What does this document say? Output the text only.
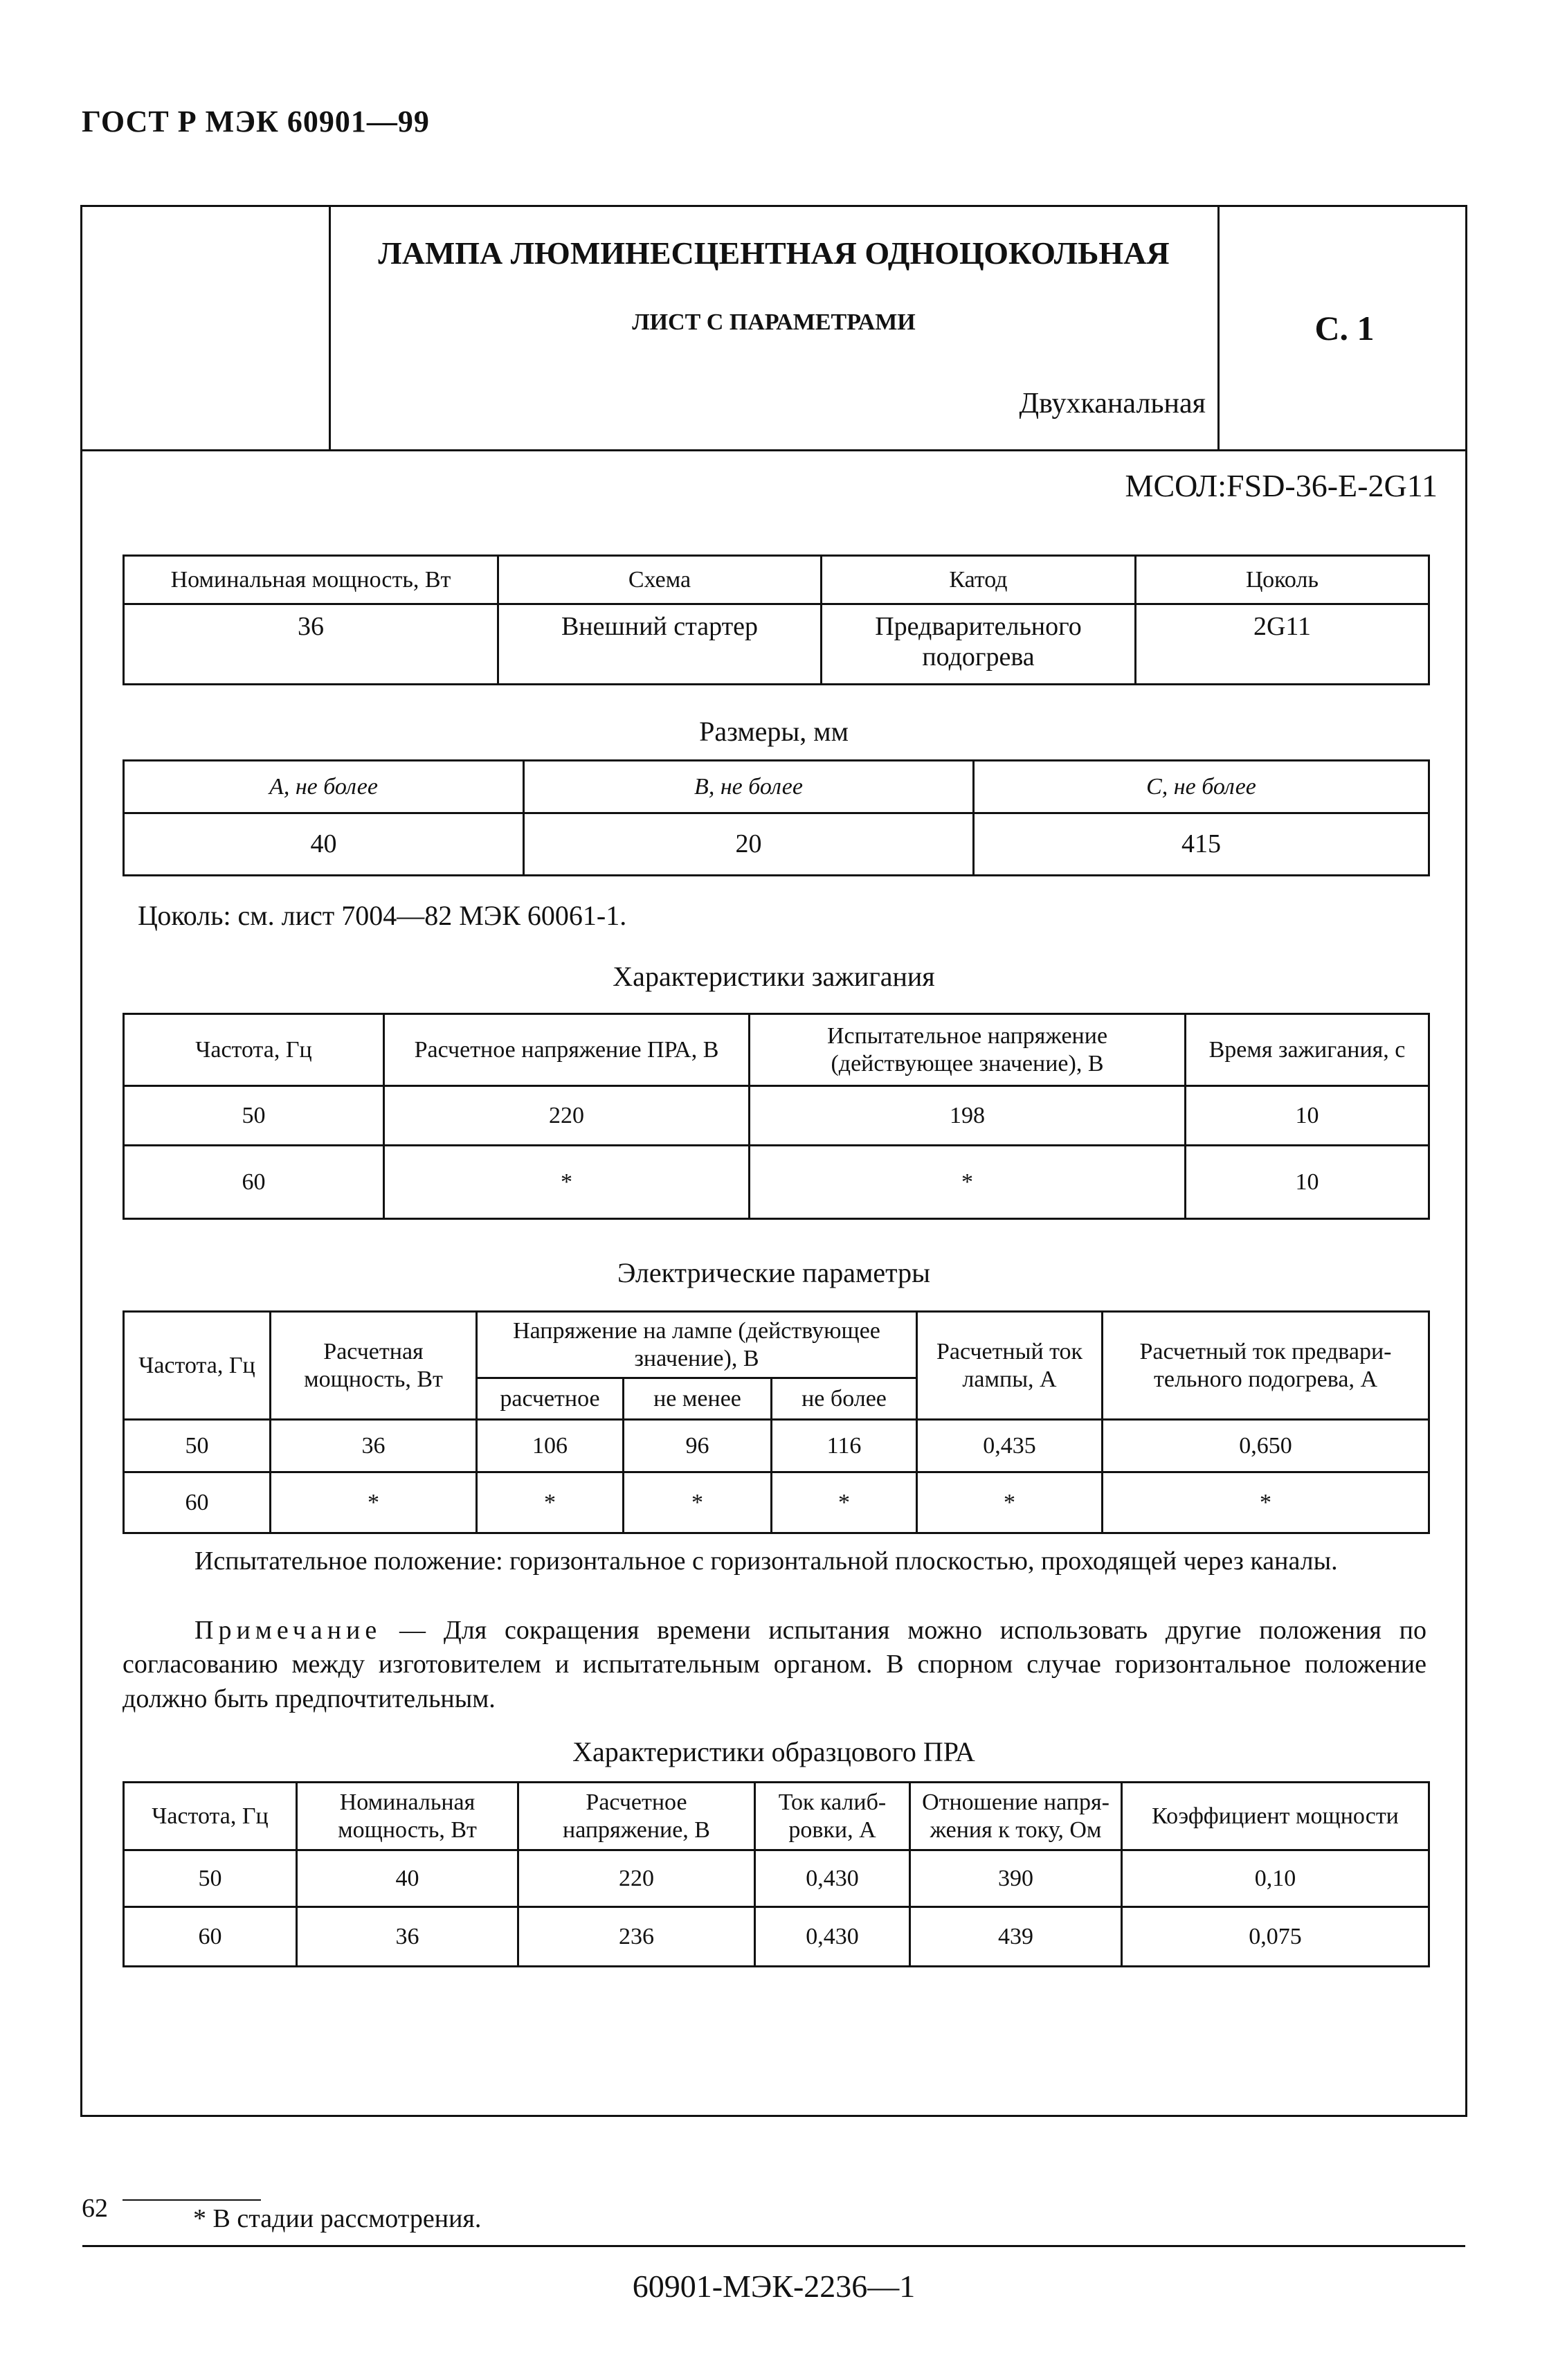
ГОСТ Р МЭК 60901—99
ЛАМПА ЛЮМИНЕСЦЕНТНАЯ ОДНОЦОКОЛЬНАЯ
ЛИСТ С ПАРАМЕТРАМИ
Двухканальная
С. 1
МСОЛ:FSD-36-E-2G11
Номинальная мощность, Вт	Схема	Катод	Цоколь
36	Внешний стартер	Предварительного подогрева	2G11
Размеры, мм
A, не более	B, не более	C, не более
40	20	415
Цоколь: см. лист 7004—82 МЭК 60061-1.
Характеристики зажигания
Частота, Гц	Расчетное напряжение ПРА, В	Испытательное напряжение (действующее значение), В	Время зажигания, с
50	220	198	10
60	*	*	10
Электрические параметры
Частота, Гц	Расчетная мощность, Вт	Напряжение на лампе (действующее значение), В			Расчетный ток лампы, А	Расчетный ток предвари-тельного подогрева, А
		расчетное	не менее	не более		
50	36	106	96	116	0,435	0,650
60	*	*	*	*	*	*
Испытательное положение: горизонтальное с горизонтальной плоскостью, проходящей через каналы.
Примечание — Для сокращения времени испытания можно использовать другие положения по согласованию между изготовителем и испытательным органом. В спорном случае горизонтальное положение должно быть предпочтительным.
Характеристики образцового ПРА
Частота, Гц	Номинальная мощность, Вт	Расчетное напряжение, В	Ток калиб-ровки, А	Отношение напря-жения к току, Ом	Коэффициент мощности
50	40	220	0,430	390	0,10
60	36	236	0,430	439	0,075
* В стадии рассмотрения.
60901-МЭК-2236—1
62
